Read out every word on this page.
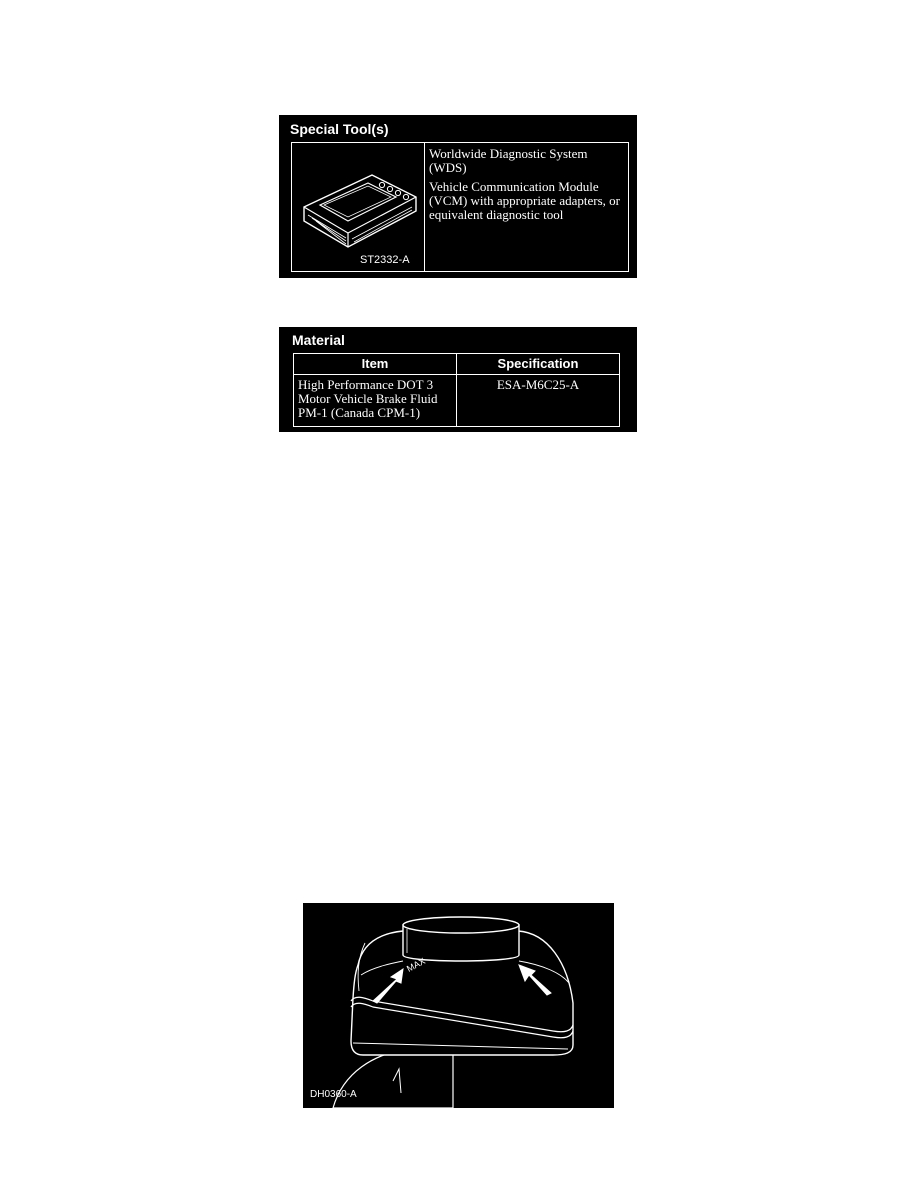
Special Tool(s)
ST2332-A

Worldwide Diagnostic System (WDS)

Vehicle Communication Module (VCM) with appropriate adapters, or equivalent diagnostic tool

Material
Item	Specification
High Performance DOT 3 Motor Vehicle Brake Fluid PM-1 (Canada CPM-1)	ESA-M6C25-A
MAX
DH0360-A
